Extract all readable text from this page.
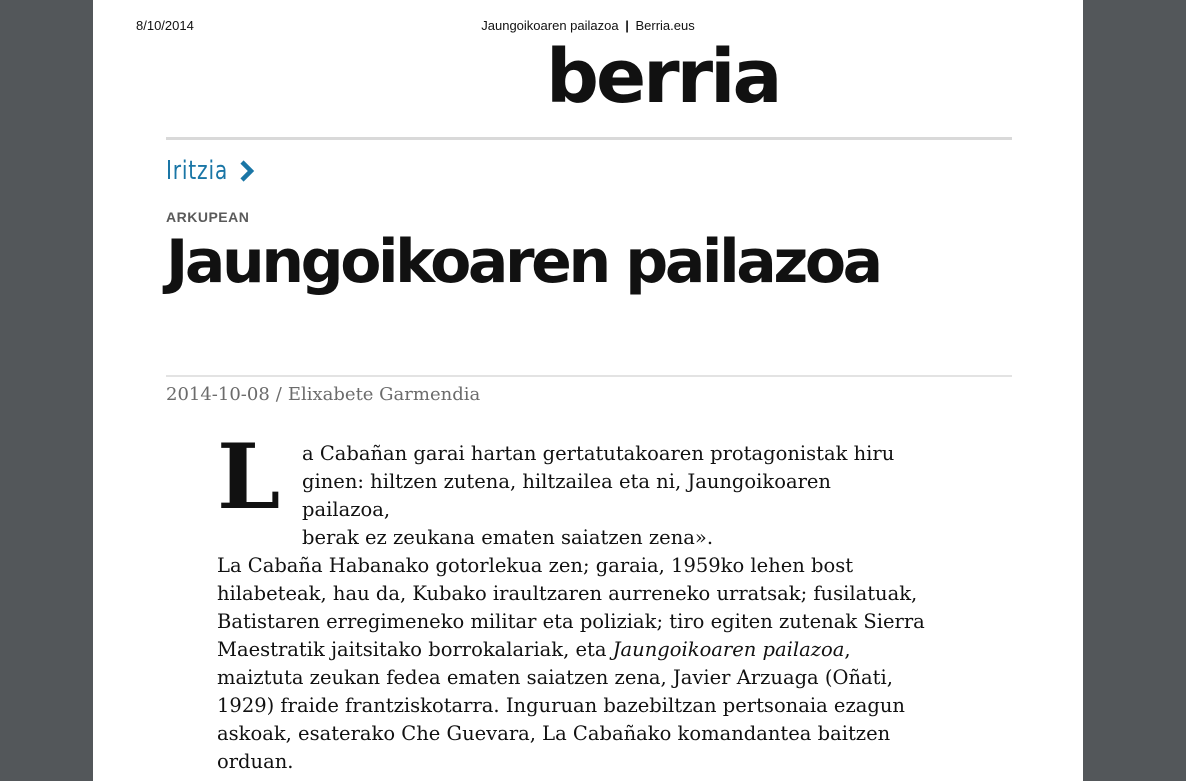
8/10/2014	Jaungoikoaren pailazoa | Berria.eus
berria
Iritzia
ARKUPEAN
Jaungoikoaren pailazoa
2014-10-08 / Elixabete Garmendia
L a Cabañan garai hartan gertatutakoaren protagonistak hiru
ginen: hiltzen zutena, hiltzailea eta ni, Jaungoikoaren pailazoa,
berak ez zeukana ematen saiatzen zena».

La Cabaña Habanako gotorlekua zen; garaia, 1959ko lehen bost
hilabeteak, hau da, Kubako iraultzaren aurreneko urratsak; fusilatuak,
Batistaren erregimeneko militar eta poliziak; tiro egiten zutenak Sierra
Maestratik jaitsitako borrokalariak, eta Jaungoikoaren pailazoa,
maiztuta zeukan fedea ematen saiatzen zena, Javier Arzuaga (Oñati,
1929) fraide frantziskotarra. Inguruan bazebiltzan pertsonaia ezagun
askoak, esaterako Che Guevara, La Cabañako komandantea baitzen
orduan.
